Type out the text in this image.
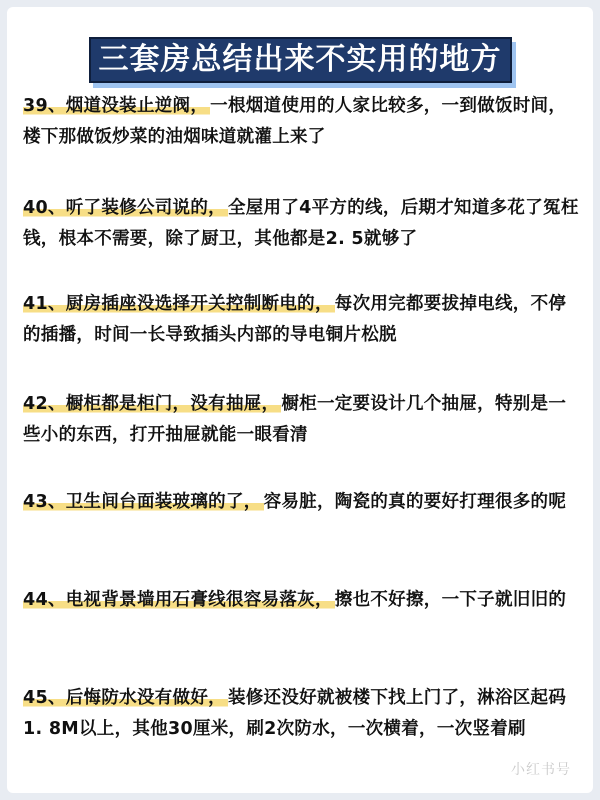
三套房总结出来不实用的地方
39、烟道没装止逆阀， 一根烟道使用的人家比较多，一到做饭时间，楼下那做饭炒菜的油烟味道就灌上来了
40、听了装修公司说的， 全屋用了4平方的线，后期才知道多花了冤枉钱，根本不需要，除了厨卫，其他都是2. 5就够了
41、厨房插座没选择开关控制断电的， 每次用完都要拔掉电线，不停的插播，时间一长导致插头内部的导电铜片松脱
42、橱柜都是柜门，没有抽屉， 橱柜一定要设计几个抽屉，特别是一些小的东西，打开抽屉就能一眼看清
43、卫生间台面装玻璃的了， 容易脏，陶瓷的真的要好打理很多的呢
44、电视背景墙用石膏线很容易落灰， 擦也不好擦，一下子就旧旧的
45、后悔防水没有做好， 装修还没好就被楼下找上门了，淋浴区起码1. 8M以上，其他30厘米，刷2次防水，一次横着，一次竖着刷
小红书号
